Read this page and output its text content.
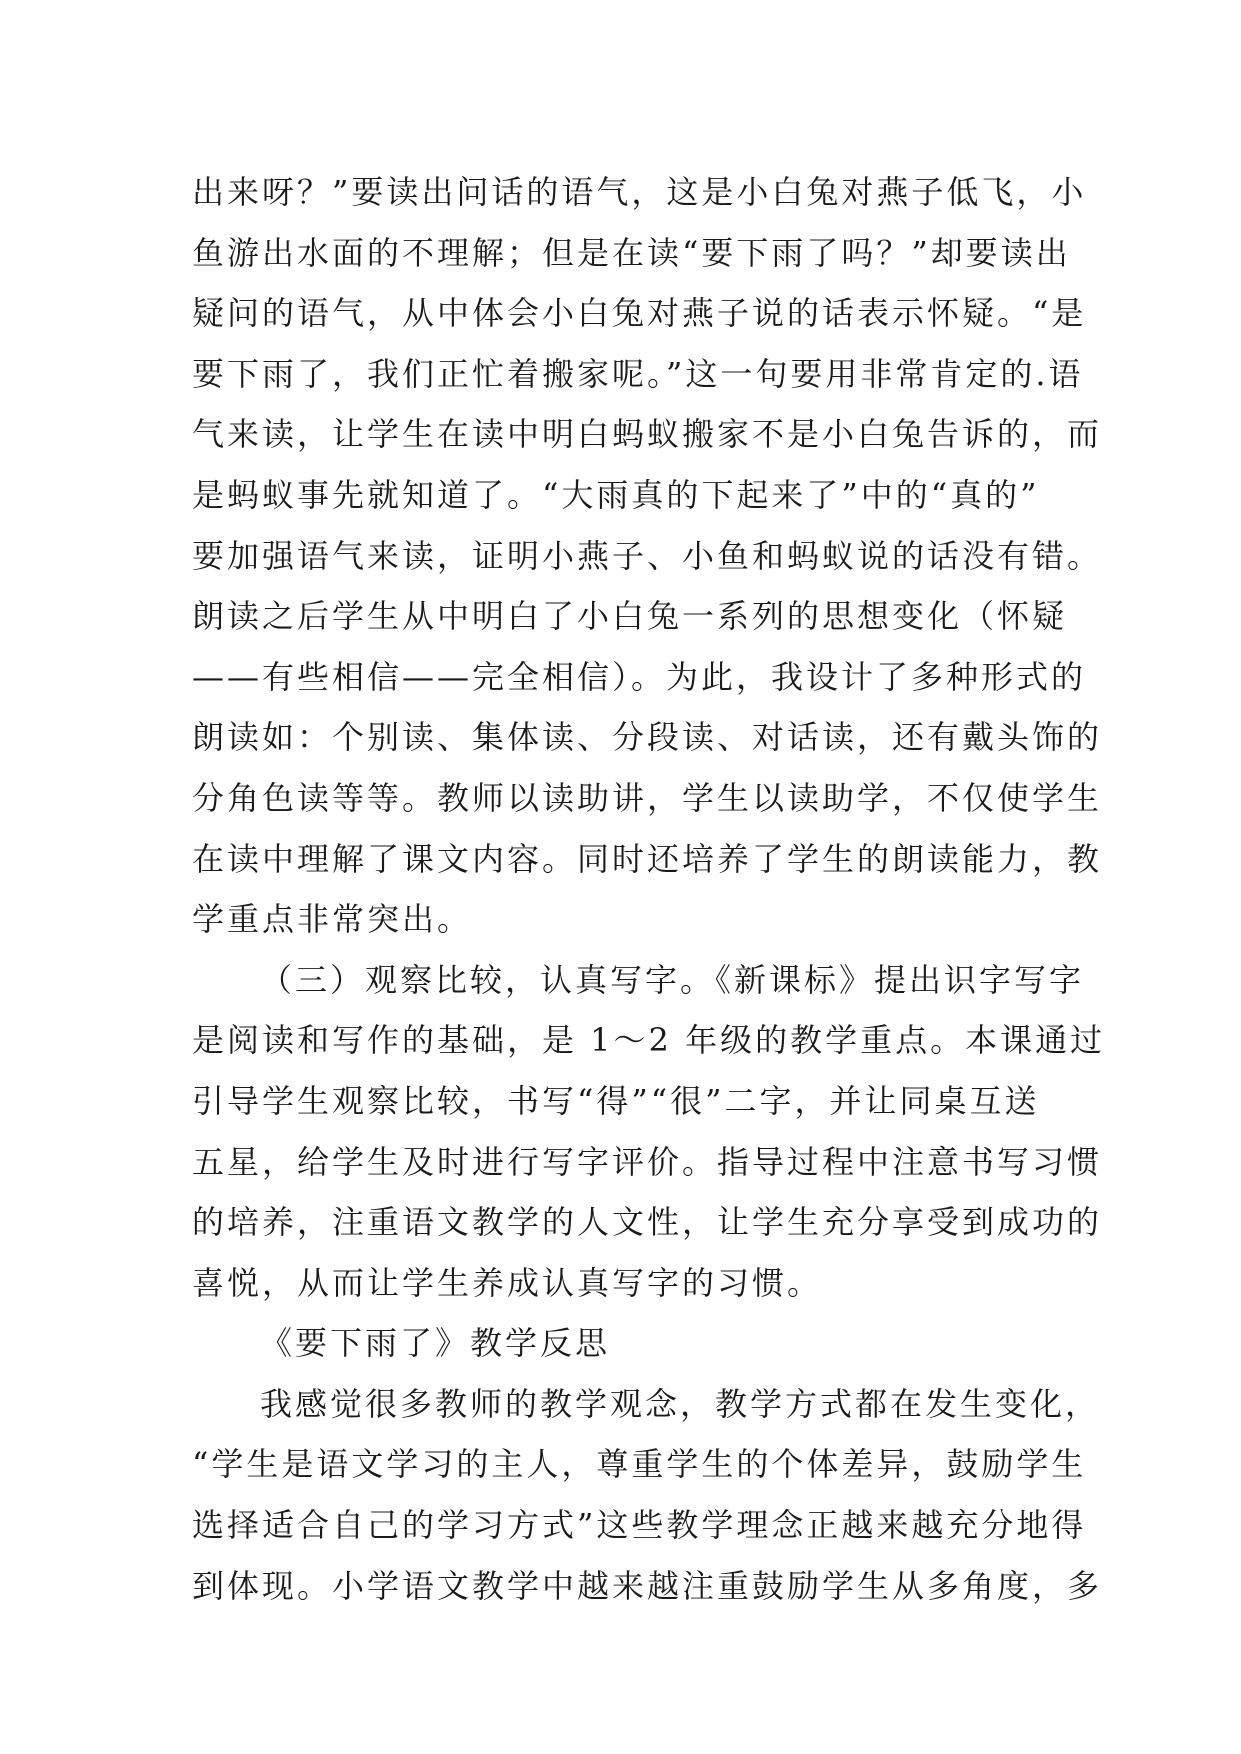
出来呀？”要读出问话的语气，这是小白兔对燕子低飞，小
鱼游出水面的不理解；但是在读“要下雨了吗？”却要读出
疑问的语气，从中体会小白兔对燕子说的话表示怀疑。“是
要下雨了，我们正忙着搬家呢。”这一句要用非常肯定的.语
气来读，让学生在读中明白蚂蚁搬家不是小白兔告诉的，而
是蚂蚁事先就知道了。“大雨真的下起来了”中的“真的”
要加强语气来读，证明小燕子、小鱼和蚂蚁说的话没有错。
朗读之后学生从中明白了小白兔一系列的思想变化（怀疑
——有些相信——完全相信）。为此，我设计了多种形式的
朗读如：个别读、集体读、分段读、对话读，还有戴头饰的
分角色读等等。教师以读助讲，学生以读助学，不仅使学生
在读中理解了课文内容。同时还培养了学生的朗读能力，教
学重点非常突出。
（三）观察比较，认真写字。《新课标》提出识字写字
是阅读和写作的基础，是 1～2 年级的教学重点。本课通过
引导学生观察比较，书写“得”“很”二字，并让同桌互送
五星，给学生及时进行写字评价。指导过程中注意书写习惯
的培养，注重语文教学的人文性，让学生充分享受到成功的
喜悦，从而让学生养成认真写字的习惯。
《要下雨了》教学反思
我感觉很多教师的教学观念，教学方式都在发生变化，
“学生是语文学习的主人，尊重学生的个体差异，鼓励学生
选择适合自己的学习方式”这些教学理念正越来越充分地得
到体现。小学语文教学中越来越注重鼓励学生从多角度，多
